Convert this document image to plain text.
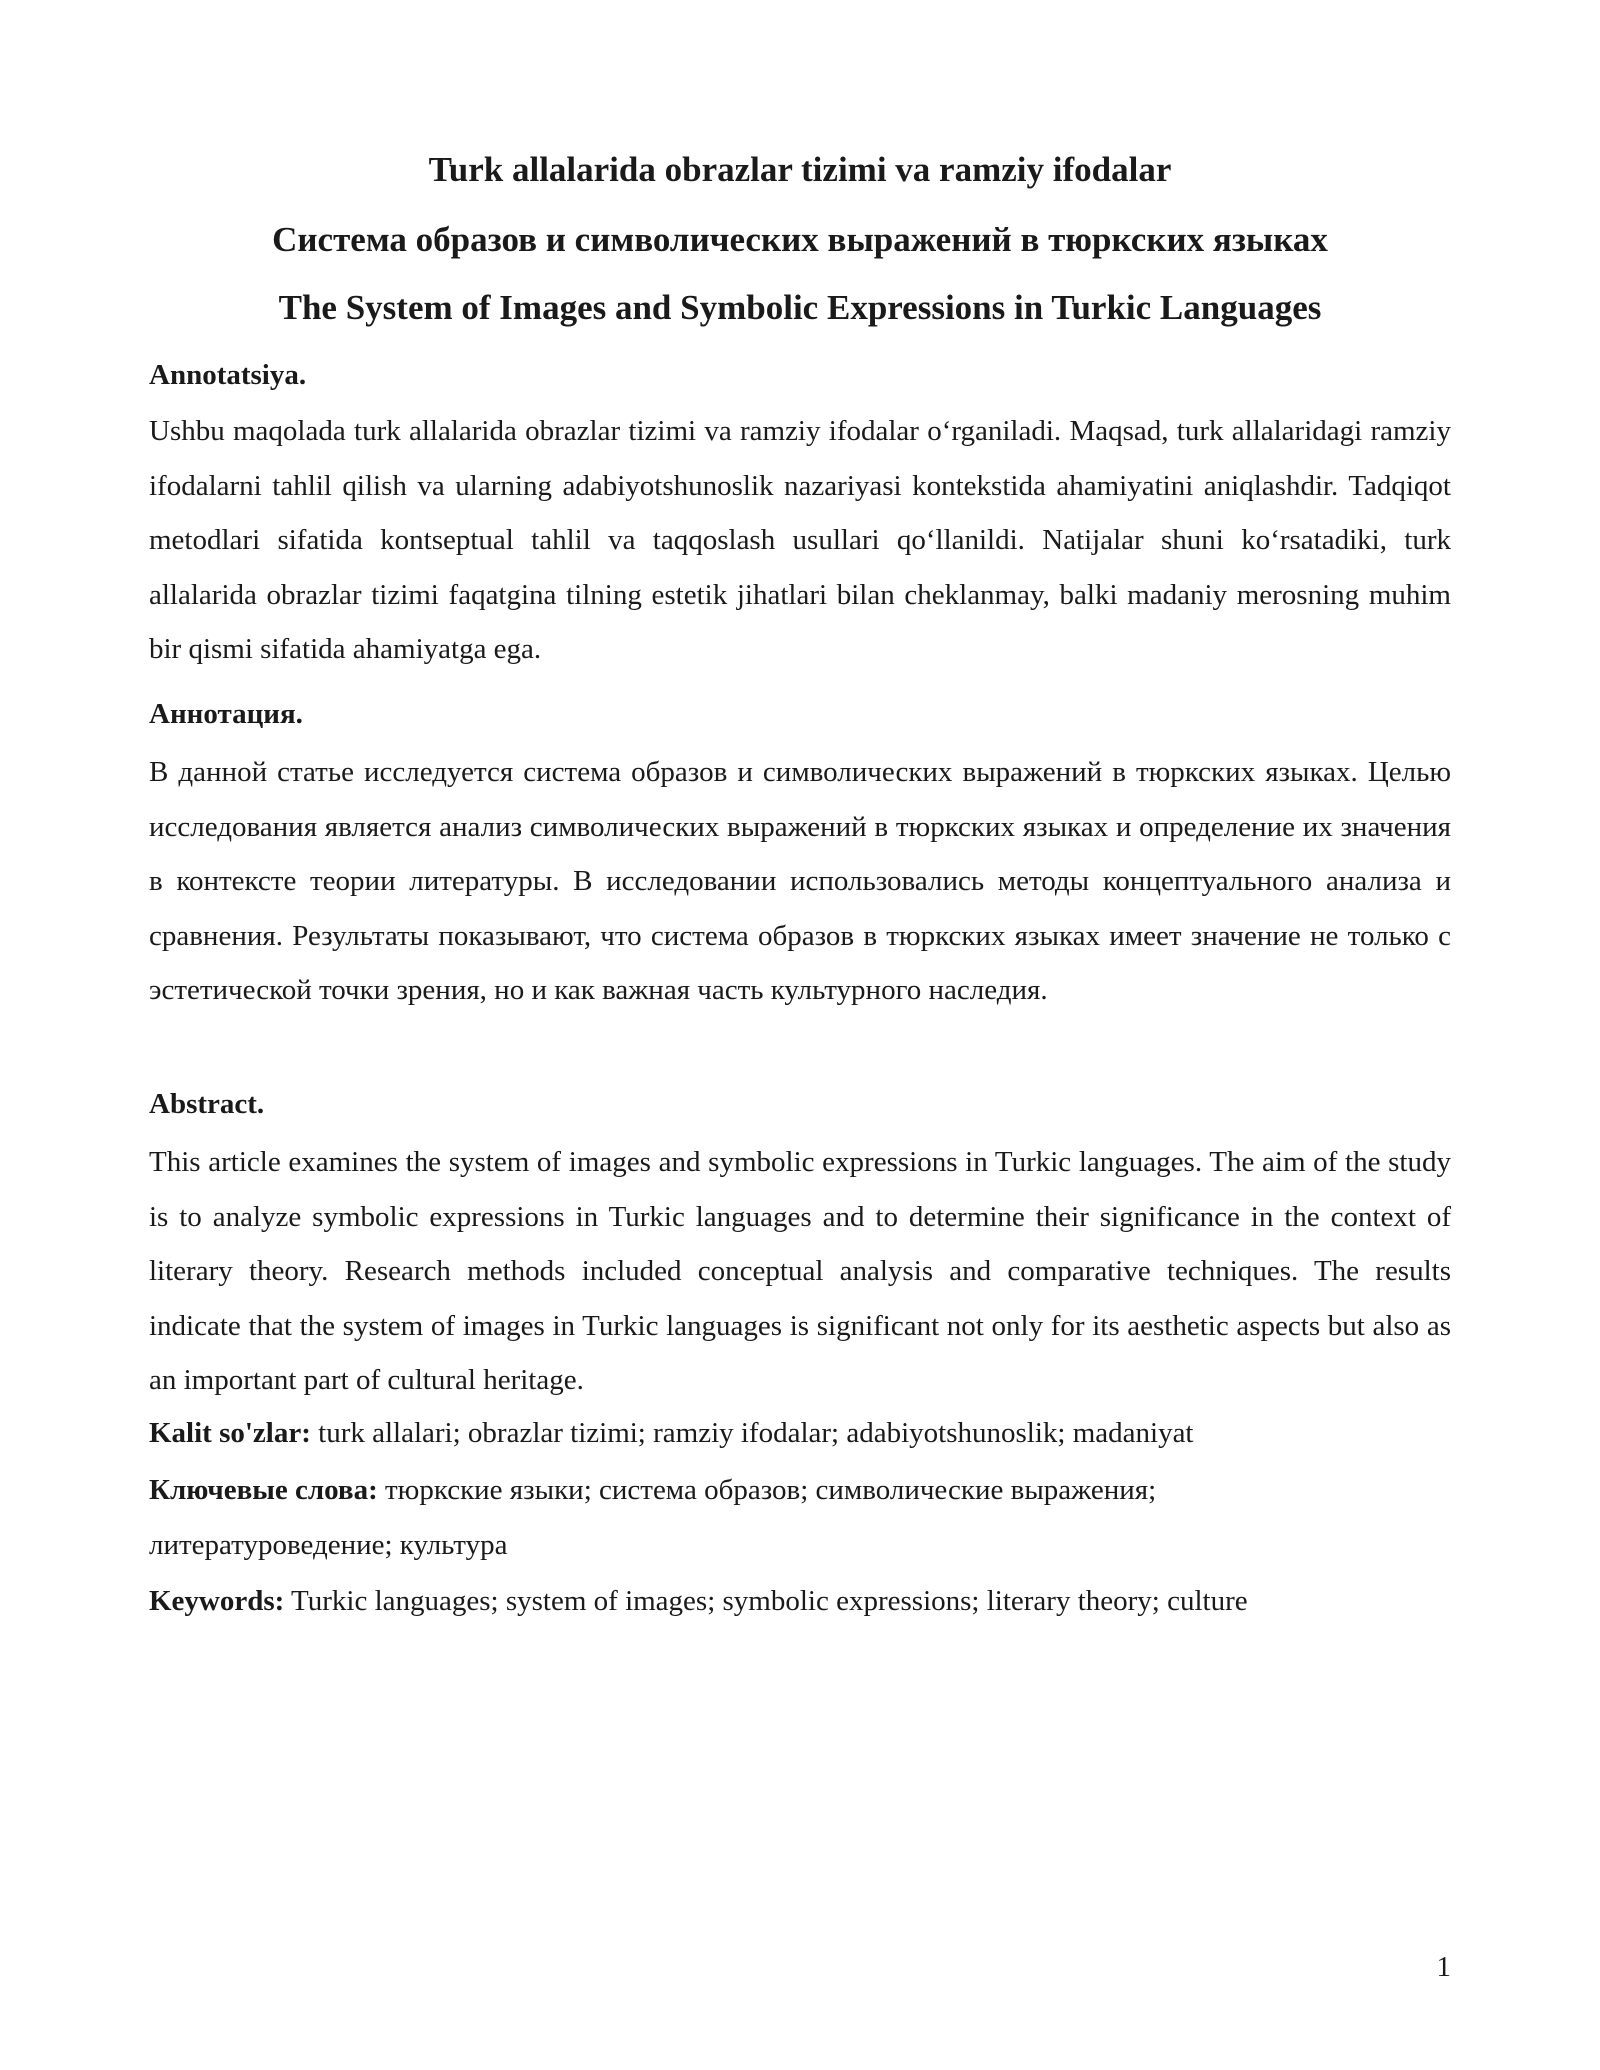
Turk allalarida obrazlar tizimi va ramziy ifodalar
Система образов и символических выражений в тюркских языках
The System of Images and Symbolic Expressions in Turkic Languages
Annotatsiya.

Ushbu maqolada turk allalarida obrazlar tizimi va ramziy ifodalar o‘rganiladi. Maqsad, turk allalaridagi ramziy ifodalarni tahlil qilish va ularning adabiyotshunoslik nazariyasi kontekstida ahamiyatini aniqlashdir. Tadqiqot metodlari sifatida kontseptual tahlil va taqqoslash usullari qo‘llanildi. Natijalar shuni ko‘rsatadiki, turk allalarida obrazlar tizimi faqatgina tilning estetik jihatlari bilan cheklanmay, balki madaniy merosning muhim bir qismi sifatida ahamiyatga ega.

Аннотация.

В данной статье исследуется система образов и символических выражений в тюркских языках. Целью исследования является анализ символических выражений в тюркских языках и определение их значения в контексте теории литературы. В исследовании использовались методы концептуального анализа и сравнения. Результаты показывают, что система образов в тюркских языках имеет значение не только с эстетической точки зрения, но и как важная часть культурного наследия.

Abstract.

This article examines the system of images and symbolic expressions in Turkic languages. The aim of the study is to analyze symbolic expressions in Turkic languages and to determine their significance in the context of literary theory. Research methods included conceptual analysis and comparative techniques. The results indicate that the system of images in Turkic languages is significant not only for its aesthetic aspects but also as an important part of cultural heritage.

Kalit so'zlar: turk allalari; obrazlar tizimi; ramziy ifodalar; adabiyotshunoslik; madaniyat

Ключевые слова: тюркские языки; система образов; символические выражения; литературоведение; культура

Keywords: Turkic languages; system of images; symbolic expressions; literary theory; culture

1
